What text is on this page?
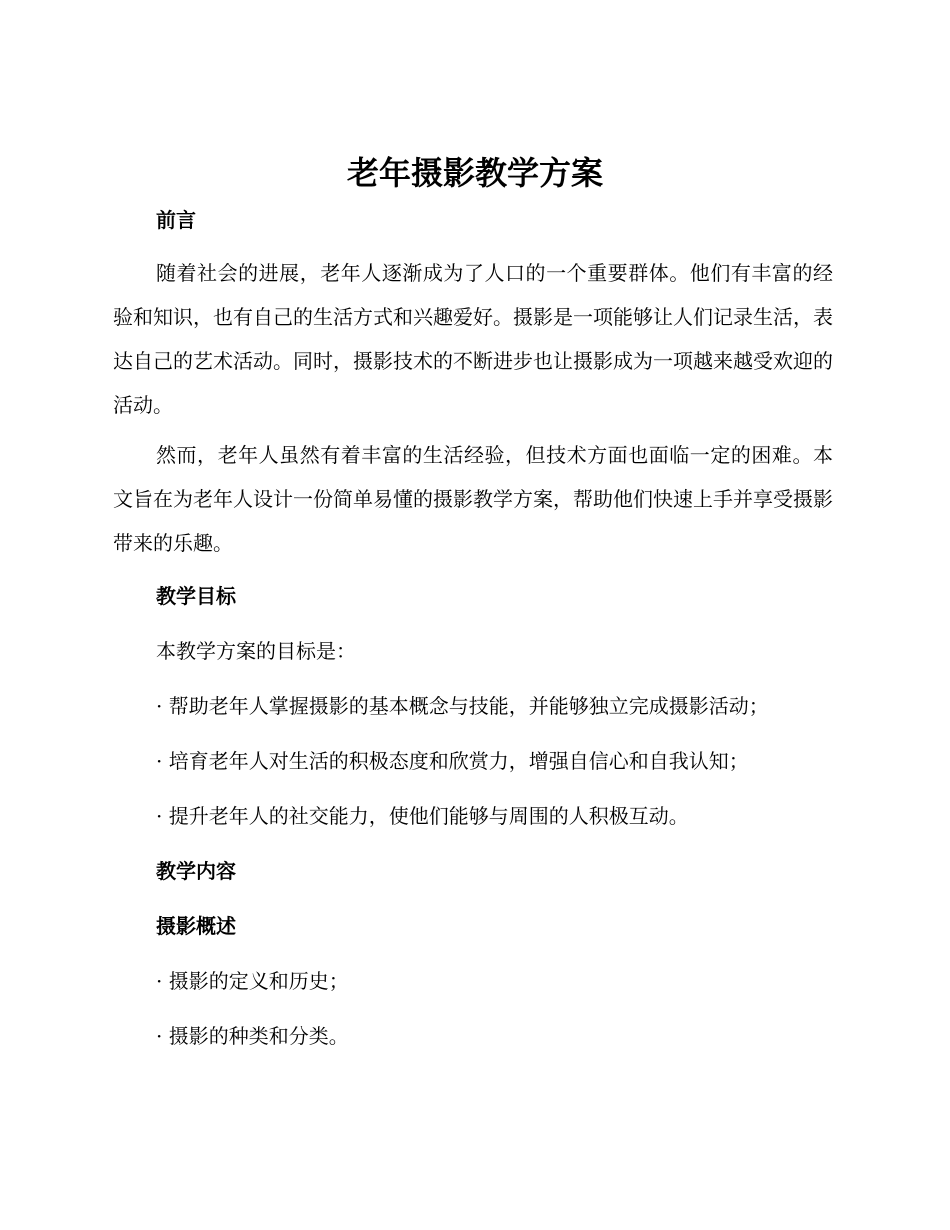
老年摄影教学方案
前言

随着社会的进展，老年人逐渐成为了人口的一个重要群体。他们有丰富的经验和知识，也有自己的生活方式和兴趣爱好。摄影是一项能够让人们记录生活，表达自己的艺术活动。同时，摄影技术的不断进步也让摄影成为一项越来越受欢迎的活动。

然而，老年人虽然有着丰富的生活经验，但技术方面也面临一定的困难。本文旨在为老年人设计一份简单易懂的摄影教学方案，帮助他们快速上手并享受摄影带来的乐趣。

教学目标

本教学方案的目标是：

· 帮助老年人掌握摄影的基本概念与技能，并能够独立完成摄影活动；

· 培育老年人对生活的积极态度和欣赏力，增强自信心和自我认知；

· 提升老年人的社交能力，使他们能够与周围的人积极互动。

教学内容
摄影概述

· 摄影的定义和历史；

· 摄影的种类和分类。
